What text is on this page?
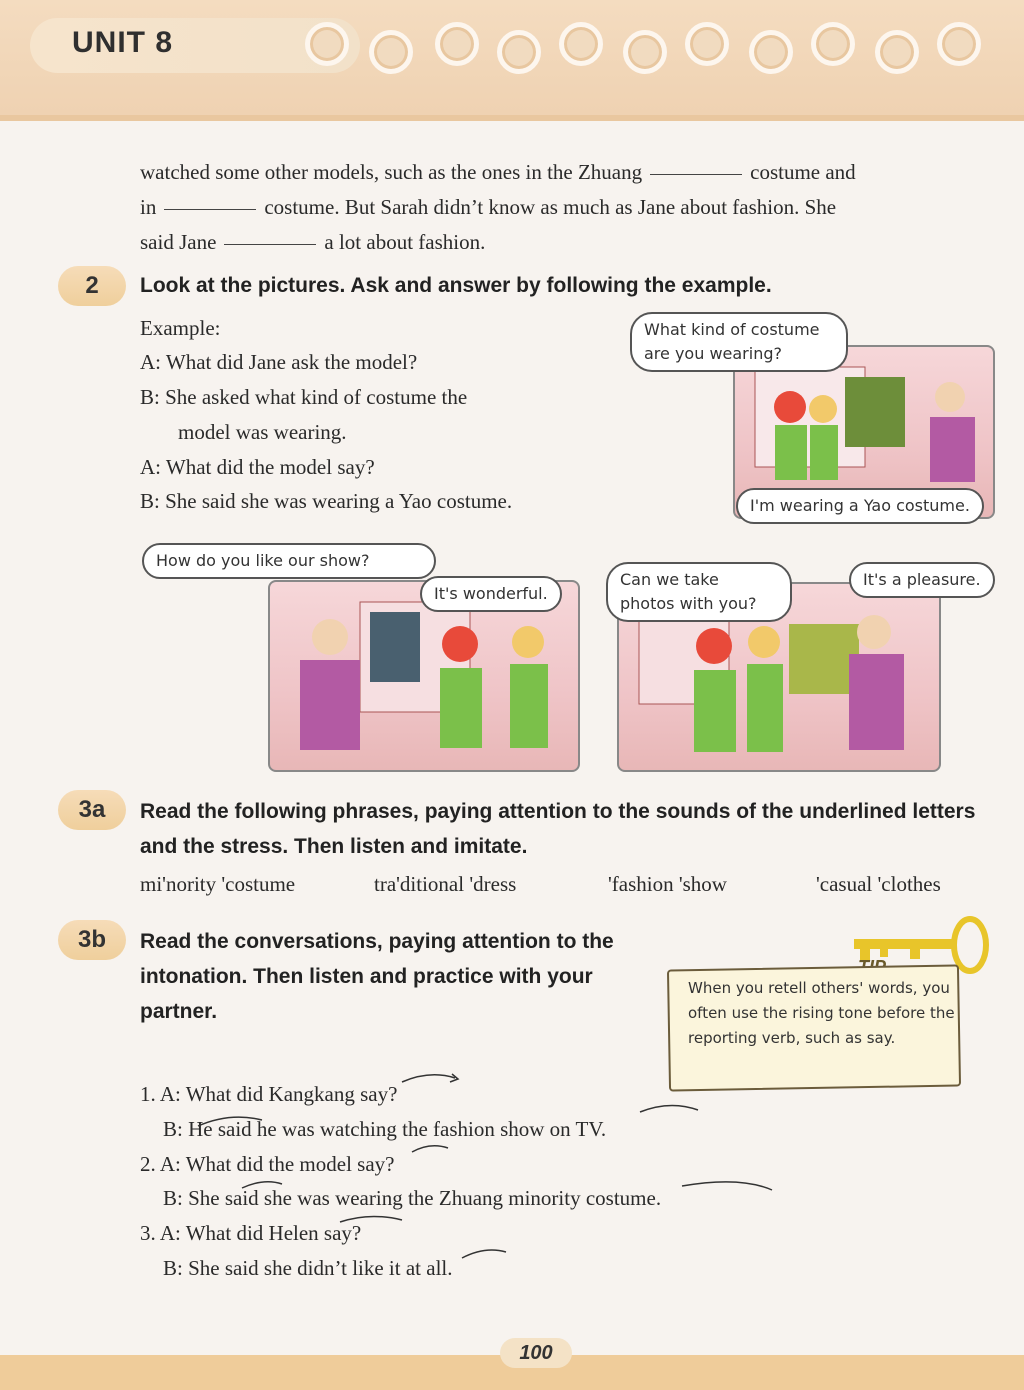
UNIT 8
watched some other models, such as the ones in the Zhuang	costume and
in	costume. But Sarah didn’t know as much as Jane about fashion. She
said Jane	a lot about fashion.
2	Look at the pictures. Ask and answer by following the example.
Example:
A: What did Jane ask the model?
B: She asked what kind of costume the
model was wearing.
A: What did the model say?
B: She said she was wearing a Yao costume.
What kind of costume are you wearing?
I'm wearing a Yao costume.
How do you like our show?
It's wonderful.
Can we take photos with you?
It's a pleasure.
3a	Read the following phrases, paying attention to the sounds of the underlined letters and the stress. Then listen and imitate.
mi'nority 'costume	tra'ditional 'dress	'fashion 'show	'casual 'clothes
3b	Read the conversations, paying attention to the intonation. Then listen and practice with your partner.
When you retell others' words, you often use the rising tone before the reporting verb, such as say.
1. A: What did Kangkang say?
B: He said he was watching the fashion show on TV.
2. A: What did the model say?
B: She said she was wearing the Zhuang minority costume.
3. A: What did Helen say?
B: She said she didn’t like it at all.
100
